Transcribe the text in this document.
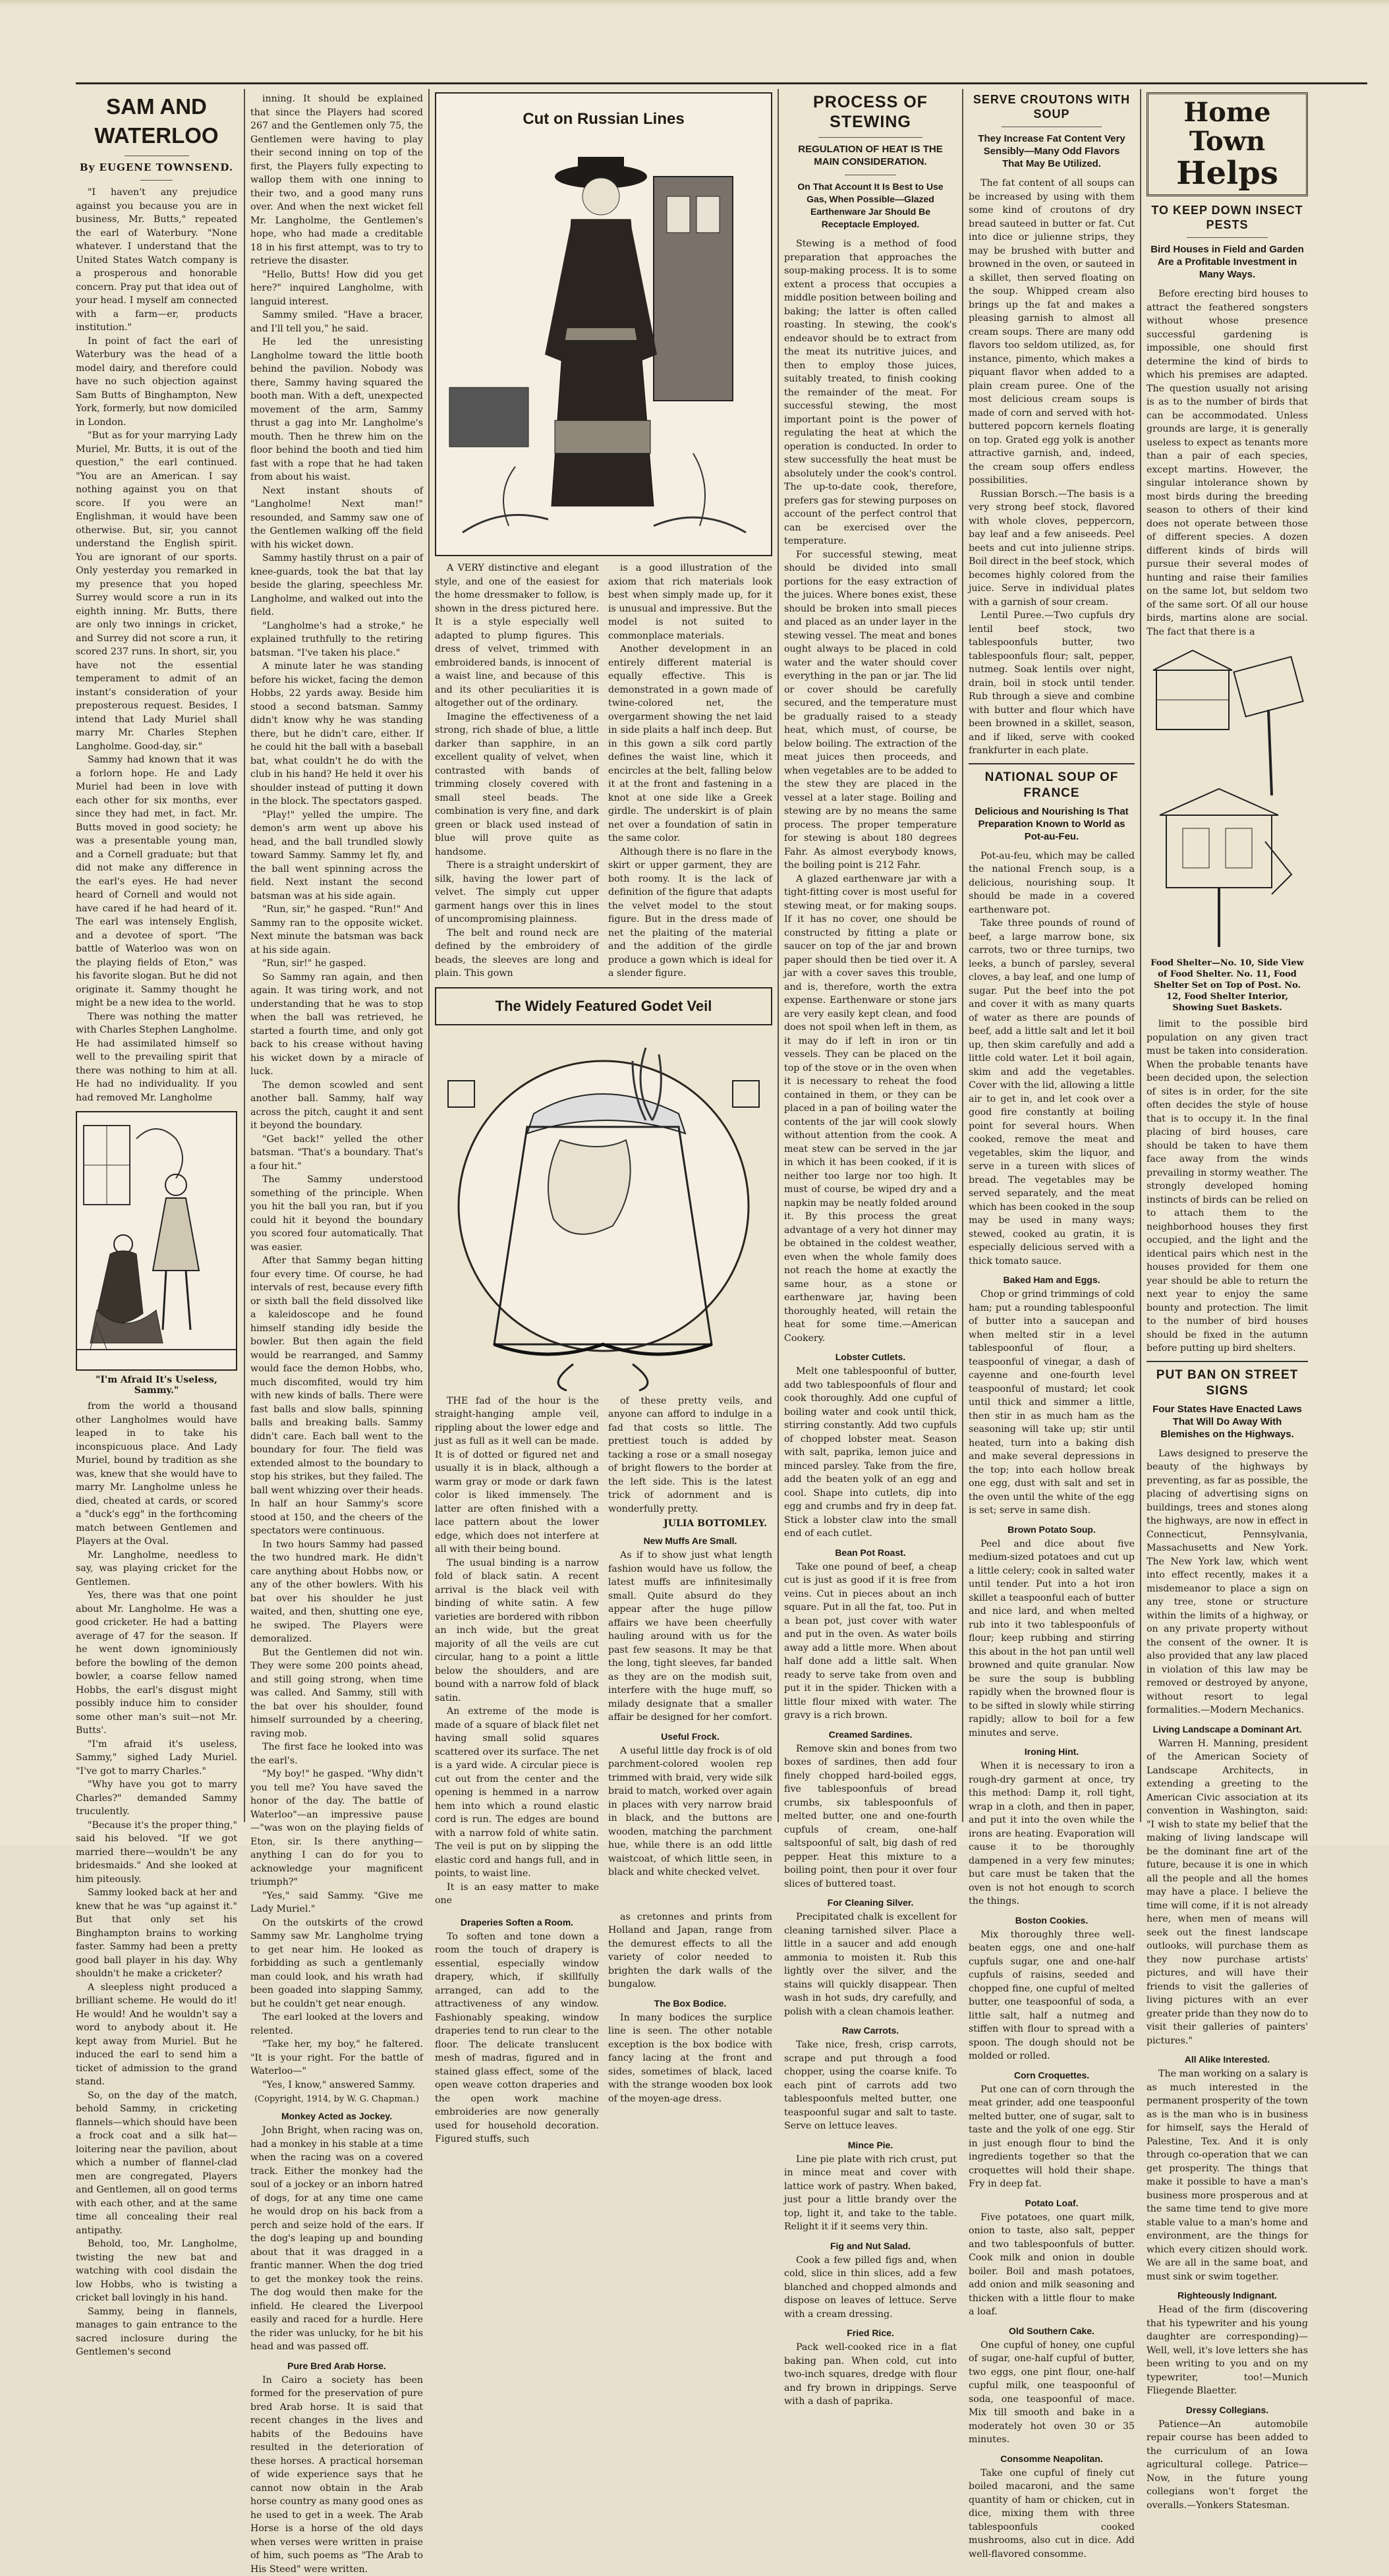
SAM AND WATERLOO
By EUGENE TOWNSEND.

"I haven't any prejudice against you because you are in business, Mr. Butts," repeated the earl of Waterbury. "None whatever. I understand that the United States Watch company is a prosperous and honorable concern. Pray put that idea out of your head. I myself am connected with a farm—er, products institution."

In point of fact the earl of Waterbury was the head of a model dairy, and therefore could have no such objection against Sam Butts of Binghampton, New York, formerly, but now domiciled in London.

"But as for your marrying Lady Muriel, Mr. Butts, it is out of the question," the earl continued. "You are an American. I say nothing against you on that score. If you were an Englishman, it would have been otherwise. But, sir, you cannot understand the English spirit. You are ignorant of our sports. Only yesterday you remarked in my presence that you hoped Surrey would score a run in its eighth inning. Mr. Butts, there are only two innings in cricket, and Surrey did not score a run, it scored 237 runs. In short, sir, you have not the essential temperament to admit of an instant's consideration of your preposterous request. Besides, I intend that Lady Muriel shall marry Mr. Charles Stephen Langholme. Good-day, sir."

Sammy had known that it was a forlorn hope. He and Lady Muriel had been in love with each other for six months, ever since they had met, in fact. Mr. Butts moved in good society; he was a presentable young man, and a Cornell graduate; but that did not make any difference in the earl's eyes. He had never heard of Cornell and would not have cared if he had heard of it. The earl was intensely English, and a devotee of sport. "The battle of Waterloo was won on the playing fields of Eton," was his favorite slogan. But he did not originate it. Sammy thought he might be a new idea to the world.

There was nothing the matter with Charles Stephen Langholme. He had assimilated himself so well to the prevailing spirit that there was nothing to him at all. He had no individuality. If you had removed Mr. Langholme

"I'm Afraid It's Useless, Sammy."

from the world a thousand other Langholmes would have leaped in to take his inconspicuous place. And Lady Muriel, bound by tradition as she was, knew that she would have to marry Mr. Langholme unless he died, cheated at cards, or scored a "duck's egg" in the forthcoming match between Gentlemen and Players at the Oval.

Mr. Langholme, needless to say, was playing cricket for the Gentlemen.

Yes, there was that one point about Mr. Langholme. He was a good cricketer. He had a batting average of 47 for the season. If he went down ignominiously before the bowling of the demon bowler, a coarse fellow named Hobbs, the earl's disgust might possibly induce him to consider some other man's suit—not Mr. Butts'.

"I'm afraid it's useless, Sammy," sighed Lady Muriel. "I've got to marry Charles."

"Why have you got to marry Charles?" demanded Sammy truculently.

"Because it's the proper thing," said his beloved. "If we got married there—wouldn't be any bridesmaids." And she looked at him piteously.

Sammy looked back at her and knew that he was "up against it." But that only set his Binghampton brains to working faster. Sammy had been a pretty good ball player in his day. Why shouldn't he make a cricketer?

A sleepless night produced a brilliant scheme. He would do it! He would! And he wouldn't say a word to anybody about it. He kept away from Muriel. But he induced the earl to send him a ticket of admission to the grand stand.

So, on the day of the match, behold Sammy, in cricketing flannels—which should have been a frock coat and a silk hat—loitering near the pavilion, about which a number of flannel-clad men are congregated, Players and Gentlemen, all on good terms with each other, and at the same time all concealing their real antipathy.

Behold, too, Mr. Langholme, twisting the new bat and watching with cool disdain the low Hobbs, who is twisting a cricket ball lovingly in his hand.

Sammy, being in flannels, manages to gain entrance to the sacred inclosure during the Gentlemen's second

inning. It should be explained that since the Players had scored 267 and the Gentlemen only 75, the Gentlemen were having to play their second inning on top of the first, the Players fully expecting to wallop them with one inning to their two, and a good many runs over. And when the next wicket fell Mr. Langholme, the Gentlemen's hope, who had made a creditable 18 in his first attempt, was to try to retrieve the disaster.

"Hello, Butts! How did you get here?" inquired Langholme, with languid interest.

Sammy smiled. "Have a bracer, and I'll tell you," he said.

He led the unresisting Langholme toward the little booth behind the pavilion. Nobody was there, Sammy having squared the booth man. With a deft, unexpected movement of the arm, Sammy thrust a gag into Mr. Langholme's mouth. Then he threw him on the floor behind the booth and tied him fast with a rope that he had taken from about his waist.

Next instant shouts of "Langholme! Next man!" resounded, and Sammy saw one of the Gentlemen walking off the field with his wicket down.

Sammy hastily thrust on a pair of knee-guards, took the bat that lay beside the glaring, speechless Mr. Langholme, and walked out into the field.

"Langholme's had a stroke," he explained truthfully to the retiring batsman. "I've taken his place."

A minute later he was standing before his wicket, facing the demon Hobbs, 22 yards away. Beside him stood a second batsman. Sammy didn't know why he was standing there, but he didn't care, either. If he could hit the ball with a baseball bat, what couldn't he do with the club in his hand? He held it over his shoulder instead of putting it down in the block. The spectators gasped.

"Play!" yelled the umpire. The demon's arm went up above his head, and the ball trundled slowly toward Sammy. Sammy let fly, and the ball went spinning across the field. Next instant the second batsman was at his side again.

"Run, sir," he gasped. "Run!" And Sammy ran to the opposite wicket. Next minute the batsman was back at his side again.

"Run, sir!" he gasped.

So Sammy ran again, and then again. It was tiring work, and not understanding that he was to stop when the ball was retrieved, he started a fourth time, and only got back to his crease without having his wicket down by a miracle of luck.

The demon scowled and sent another ball. Sammy, half way across the pitch, caught it and sent it beyond the boundary.

"Get back!" yelled the other batsman. "That's a boundary. That's a four hit."

The Sammy understood something of the principle. When you hit the ball you ran, but if you could hit it beyond the boundary you scored four automatically. That was easier.

After that Sammy began hitting four every time. Of course, he had intervals of rest, because every fifth or sixth ball the field dissolved like a kaleidoscope and he found himself standing idly beside the bowler. But then again the field would be rearranged, and Sammy would face the demon Hobbs, who, much discomfited, would try him with new kinds of balls. There were fast balls and slow balls, spinning balls and breaking balls. Sammy didn't care. Each ball went to the boundary for four. The field was extended almost to the boundary to stop his strikes, but they failed. The ball went whizzing over their heads. In half an hour Sammy's score stood at 150, and the cheers of the spectators were continuous.

In two hours Sammy had passed the two hundred mark. He didn't care anything about Hobbs now, or any of the other bowlers. With his bat over his shoulder he just waited, and then, shutting one eye, he swiped. The Players were demoralized.

But the Gentlemen did not win. They were some 200 points ahead, and still going strong, when time was called. And Sammy, still with the bat over his shoulder, found himself surrounded by a cheering, raving mob.

The first face he looked into was the earl's.

"My boy!" he gasped. "Why didn't you tell me? You have saved the honor of the day. The battle of Waterloo"—an impressive pause—"was won on the playing fields of Eton, sir. Is there anything—anything I can do for you to acknowledge your magnificent triumph?"

"Yes," said Sammy. "Give me Lady Muriel."

On the outskirts of the crowd Sammy saw Mr. Langholme trying to get near him. He looked as forbidding as such a gentlemanly man could look, and his wrath had been goaded into slapping Sammy, but he couldn't get near enough.

The earl looked at the lovers and relented.

"Take her, my boy," he faltered. "It is your right. For the battle of Waterloo—"

"Yes, I know," answered Sammy.

(Copyright, 1914, by W. G. Chapman.)
Monkey Acted as Jockey.

John Bright, when racing was on, had a monkey in his stable at a time when the racing was on a covered track. Either the monkey had the soul of a jockey or an inborn hatred of dogs, for at any time one came he would drop on his back from a perch and seize hold of the ears. If the dog's leaping up and bounding about that it was dragged in a frantic manner. When the dog tried to get the monkey took the reins. The dog would then make for the infield. He cleared the Liverpool easily and raced for a hurdle. Here the rider was unlucky, for he bit his head and was passed off.

Pure Bred Arab Horse.

In Cairo a society has been formed for the preservation of pure bred Arab horse. It is said that recent changes in the lives and habits of the Bedouins have resulted in the deterioration of these horses. A practical horseman of wide experience says that he cannot now obtain in the Arab horse country as many good ones as he used to get in a week. The Arab Horse is a horse of the old days when verses were written in praise of him, such poems as "The Arab to His Steed" were written.

Cut on Russian Lines

A VERY distinctive and elegant style, and one of the easiest for the home dressmaker to follow, is shown in the dress pictured here. It is a style especially well adapted to plump figures. This dress of velvet, trimmed with embroidered bands, is innocent of a waist line, and because of this and its other peculiarities it is altogether out of the ordinary.

Imagine the effectiveness of a strong, rich shade of blue, a little darker than sapphire, in an excellent quality of velvet, when contrasted with bands of trimming closely covered with small steel beads. The combination is very fine, and dark green or black used instead of blue will prove quite as handsome.

There is a straight underskirt of silk, having the lower part of velvet. The simply cut upper garment hangs over this in lines of uncompromising plainness.

The belt and round neck are defined by the embroidery of beads, the sleeves are long and plain. This gown

is a good illustration of the axiom that rich materials look best when simply made up, for it is unusual and impressive. But the model is not suited to commonplace materials.

Another development in an entirely different material is equally effective. This is demonstrated in a gown made of twine-colored net, the overgarment showing the net laid in side plaits a half inch deep. But in this gown a silk cord partly defines the waist line, which it encircles at the belt, falling below it at the front and fastening in a knot at one side like a Greek girdle. The underskirt is of plain net over a foundation of satin in the same color.

Although there is no flare in the skirt or upper garment, they are both roomy. It is the lack of definition of the figure that adapts the velvet model to the stout figure. But in the dress made of net the plaiting of the material and the addition of the girdle produce a gown which is ideal for a slender figure.

The Widely Featured Godet Veil

THE fad of the hour is the straight-hanging ample veil, rippling about the lower edge and just as full as it well can be made. It is of dotted or figured net and usually it is in black, although a warm gray or mode or dark fawn color is liked immensely. The latter are often finished with a lace pattern about the lower edge, which does not interfere at all with their being bound.

The usual binding is a narrow fold of black satin. A recent arrival is the black veil with binding of white satin. A few varieties are bordered with ribbon an inch wide, but the great majority of all the veils are cut circular, hang to a point a little below the shoulders, and are bound with a narrow fold of black satin.

An extreme of the mode is made of a square of black filet net having small solid squares scattered over its surface. The net is a yard wide. A circular piece is cut out from the center and the opening is hemmed in a narrow hem into which a round elastic cord is run. The edges are bound with a narrow fold of white satin. The veil is put on by slipping the elastic cord and hangs full, and in points, to waist line.

It is an easy matter to make one

of these pretty veils, and anyone can afford to indulge in a fad that costs so little. The prettiest touch is added by tacking a rose or a small nosegay of bright flowers to the border at the left side. This is the latest trick of adornment and is wonderfully pretty.

JULIA BOTTOMLEY.
New Muffs Are Small.

As if to show just what length fashion would have us follow, the latest muffs are infinitesimally small. Quite absurd do they appear after the huge pillow affairs we have been cheerfully hauling around with us for the past few seasons. It may be that the long, tight sleeves, far banded as they are on the modish suit, interfere with the huge muff, so milady designate that a smaller affair be designed for her comfort.

Useful Frock.

A useful little day frock is of old parchment-colored woolen rep trimmed with braid, very wide silk braid to match, worked over again in places with very narrow braid in black, and the buttons are wooden, matching the parchment hue, while there is an odd little waistcoat, of which little seen, in black and white checked velvet.

Draperies Soften a Room.

To soften and tone down a room the touch of drapery is essential, especially window drapery, which, if skillfully arranged, can add to the attractiveness of any window. Fashionably speaking, window draperies tend to run clear to the floor. The delicate translucent mesh of madras, figured and in stained glass effect, some of the open weave cotton draperies and the open work machine embroideries are now generally used for household decoration. Figured stuffs, such

as cretonnes and prints from Holland and Japan, range from the demurest effects to all the variety of color needed to brighten the dark walls of the bungalow.

The Box Bodice.

In many bodices the surplice line is seen. The other notable exception is the box bodice with fancy lacing at the front and sides, sometimes of black, laced with the strange wooden box look of the moyen-age dress.

PROCESS OF STEWING
REGULATION OF HEAT IS THE MAIN CONSIDERATION.
On That Account It Is Best to Use Gas, When Possible—Glazed Earthenware Jar Should Be Receptacle Employed.

Stewing is a method of food preparation that approaches the soup-making process. It is to some extent a process that occupies a middle position between boiling and baking; the latter is often called roasting. In stewing, the cook's endeavor should be to extract from the meat its nutritive juices, and then to employ those juices, suitably treated, to finish cooking the remainder of the meat. For successful stewing, the most important point is the power of regulating the heat at which the operation is conducted. In order to stew successfully the heat must be absolutely under the cook's control. The up-to-date cook, therefore, prefers gas for stewing purposes on account of the perfect control that can be exercised over the temperature.

For successful stewing, meat should be divided into small portions for the easy extraction of the juices. Where bones exist, these should be broken into small pieces and placed as an under layer in the stewing vessel. The meat and bones ought always to be placed in cold water and the water should cover everything in the pan or jar. The lid or cover should be carefully secured, and the temperature must be gradually raised to a steady heat, which must, of course, be below boiling. The extraction of the meat juices then proceeds, and when vegetables are to be added to the stew they are placed in the vessel at a later stage. Boiling and stewing are by no means the same process. The proper temperature for stewing is about 180 degrees Fahr. As almost everybody knows, the boiling point is 212 Fahr.

A glazed earthenware jar with a tight-fitting cover is most useful for stewing meat, or for making soups. If it has no cover, one should be constructed by fitting a plate or saucer on top of the jar and brown paper should then be tied over it. A jar with a cover saves this trouble, and is, therefore, worth the extra expense. Earthenware or stone jars are very easily kept clean, and food does not spoil when left in them, as it may do if left in iron or tin vessels. They can be placed on the top of the stove or in the oven when it is necessary to reheat the food contained in them, or they can be placed in a pan of boiling water the contents of the jar will cook slowly without attention from the cook. A meat stew can be served in the jar in which it has been cooked, if it is neither too large nor too high. It must of course, be wiped dry and a napkin may be neatly folded around it. By this process the great advantage of a very hot dinner may be obtained in the coldest weather, even when the whole family does not reach the home at exactly the same hour, as a stone or earthenware jar, having been thoroughly heated, will retain the heat for some time.—American Cookery.

Lobster Cutlets.

Melt one tablespoonful of butter, add two tablespoonfuls of flour and cook thoroughly. Add one cupful of boiling water and cook until thick, stirring constantly. Add two cupfuls of chopped lobster meat. Season with salt, paprika, lemon juice and minced parsley. Take from the fire, add the beaten yolk of an egg and cool. Shape into cutlets, dip into egg and crumbs and fry in deep fat. Stick a lobster claw into the small end of each cutlet.

Bean Pot Roast.

Take one pound of beef, a cheap cut is just as good if it is free from veins. Cut in pieces about an inch square. Put in all the fat, too. Put in a bean pot, just cover with water and put in the oven. As water boils away add a little more. When about half done add a little salt. When ready to serve take from oven and put it in the spider. Thicken with a little flour mixed with water. The gravy is a rich brown.

Creamed Sardines.

Remove skin and bones from two boxes of sardines, then add four finely chopped hard-boiled eggs, five tablespoonfuls of bread crumbs, six tablespoonfuls of melted butter, one and one-fourth cupfuls of cream, one-half saltspoonful of salt, big dash of red pepper. Heat this mixture to a boiling point, then pour it over four slices of buttered toast.

For Cleaning Silver.

Precipitated chalk is excellent for cleaning tarnished silver. Place a little in a saucer and add enough ammonia to moisten it. Rub this lightly over the silver, and the stains will quickly disappear. Then wash in hot suds, dry carefully, and polish with a clean chamois leather.

Raw Carrots.

Take nice, fresh, crisp carrots, scrape and put through a food chopper, using the coarse knife. To each pint of carrots add two tablespoonfuls melted butter, one teaspoonful sugar and salt to taste. Serve on lettuce leaves.

Mince Pie.

Line pie plate with rich crust, put in mince meat and cover with lattice work of pastry. When baked, just pour a little brandy over the top, light it, and take to the table. Relight it if it seems very thin.

Fig and Nut Salad.

Cook a few pilled figs and, when cold, slice in thin slices, add a few blanched and chopped almonds and dispose on leaves of lettuce. Serve with a cream dressing.

Fried Rice.

Pack well-cooked rice in a flat baking pan. When cold, cut into two-inch squares, dredge with flour and fry brown in drippings. Serve with a dash of paprika.

SERVE CROUTONS WITH SOUP
They Increase Fat Content Very Sensibly—Many Odd Flavors That May Be Utilized.

The fat content of all soups can be increased by using with them some kind of croutons of dry bread sauteed in butter or fat. Cut into dice or julienne strips, they may be brushed with butter and browned in the oven, or sauteed in a skillet, then served floating on the soup. Whipped cream also brings up the fat and makes a pleasing garnish to almost all cream soups. There are many odd flavors too seldom utilized, as, for instance, pimento, which makes a piquant flavor when added to a plain cream puree. One of the most delicious cream soups is made of corn and served with hot-buttered popcorn kernels floating on top. Grated egg yolk is another attractive garnish, and, indeed, the cream soup offers endless possibilities.

Russian Borsch.—The basis is a very strong beef stock, flavored with whole cloves, peppercorn, bay leaf and a few aniseeds. Peel beets and cut into julienne strips. Boil direct in the beef stock, which becomes highly colored from the juice. Serve in individual plates with a garnish of sour cream.

Lentil Puree.—Two cupfuls dry lentil beef stock, two tablespoonfuls butter, two tablespoonfuls flour; salt, pepper, nutmeg. Soak lentils over night, drain, boil in stock until tender. Rub through a sieve and combine with butter and flour which have been browned in a skillet, season, and if liked, serve with cooked frankfurter in each plate.

NATIONAL SOUP OF FRANCE
Delicious and Nourishing Is That Preparation Known to World as Pot-au-Feu.

Pot-au-feu, which may be called the national French soup, is a delicious, nourishing soup. It should be made in a covered earthenware pot.

Take three pounds of round of beef, a large marrow bone, six carrots, two or three turnips, two leeks, a bunch of parsley, several cloves, a bay leaf, and one lump of sugar. Put the beef into the pot and cover it with as many quarts of water as there are pounds of beef, add a little salt and let it boil up, then skim carefully and add a little cold water. Let it boil again, skim and add the vegetables. Cover with the lid, allowing a little air to get in, and let cook over a good fire constantly at boiling point for several hours. When cooked, remove the meat and vegetables, skim the liquor, and serve in a tureen with slices of bread. The vegetables may be served separately, and the meat which has been cooked in the soup may be used in many ways; stewed, cooked au gratin, it is especially delicious served with a thick tomato sauce.

Baked Ham and Eggs.

Chop or grind trimmings of cold ham; put a rounding tablespoonful of butter into a saucepan and when melted stir in a level tablespoonful of flour, a teaspoonful of vinegar, a dash of cayenne and one-fourth level teaspoonful of mustard; let cook until thick and simmer a little, then stir in as much ham as the seasoning will take up; stir until heated, turn into a baking dish and make several depressions in the top; into each hollow break one egg, dust with salt and set in the oven until the white of the egg is set; serve in same dish.

Brown Potato Soup.

Peel and dice about five medium-sized potatoes and cut up a little celery; cook in salted water until tender. Put into a hot iron skillet a teaspoonful each of butter and nice lard, and when melted rub into it two tablespoonfuls of flour; keep rubbing and stirring this about in the hot pan until well browned and quite granular. Now be sure the soup is bubbling rapidly when the browned flour is to be sifted in slowly while stirring rapidly; allow to boil for a few minutes and serve.

Ironing Hint.

When it is necessary to iron a rough-dry garment at once, try this method: Damp it, roll tight, wrap in a cloth, and then in paper, and put it into the oven while the irons are heating. Evaporation will cause it to be thoroughly dampened in a very few minutes; but care must be taken that the oven is not hot enough to scorch the things.

Boston Cookies.

Mix thoroughly three well-beaten eggs, one and one-half cupfuls sugar, one and one-half cupfuls of raisins, seeded and chopped fine, one cupful of melted butter, one teaspoonful of soda, a little salt, half a nutmeg and stiffen with flour to spread with a spoon. The dough should not be molded or rolled.

Corn Croquettes.

Put one can of corn through the meat grinder, add one teaspoonful melted butter, one of sugar, salt to taste and the yolk of one egg. Stir in just enough flour to bind the ingredients together so that the croquettes will hold their shape. Fry in deep fat.

Potato Loaf.

Five potatoes, one quart milk, onion to taste, also salt, pepper and two tablespoonfuls of butter. Cook milk and onion in double boiler. Boil and mash potatoes, add onion and milk seasoning and thicken with a little flour to make a loaf.

Old Southern Cake.

One cupful of honey, one cupful of sugar, one-half cupful of butter, two eggs, one pint flour, one-half cupful milk, one teaspoonful of soda, one teaspoonful of mace. Mix till smooth and bake in a moderately hot oven 30 or 35 minutes.

Consomme Neapolitan.

Take one cupful of finely cut boiled macaroni, and the same quantity of ham or chicken, cut in dice, mixing them with three tablespoonfuls cooked mushrooms, also cut in dice. Add well-flavored consomme.

Home Town
Helps
TO KEEP DOWN INSECT PESTS
Bird Houses in Field and Garden Are a Profitable Investment in Many Ways.

Before erecting bird houses to attract the feathered songsters without whose presence successful gardening is impossible, one should first determine the kind of birds to which his premises are adapted. The question usually not arising is as to the number of birds that can be accommodated. Unless grounds are large, it is generally useless to expect as tenants more than a pair of each species, except martins. However, the singular intolerance shown by most birds during the breeding season to others of their kind does not operate between those of different species. A dozen different kinds of birds will pursue their several modes of hunting and raise their families on the same lot, but seldom two of the same sort. Of all our house birds, martins alone are social. The fact that there is a

Food Shelter—No. 10, Side View of Food Shelter. No. 11, Food Shelter Set on Top of Post. No. 12, Food Shelter Interior, Showing Suet Baskets.

limit to the possible bird population on any given tract must be taken into consideration. When the probable tenants have been decided upon, the selection of sites is in order, for the site often decides the style of house that is to occupy it. In the final placing of bird houses, care should be taken to have them face away from the winds prevailing in stormy weather. The strongly developed homing instincts of birds can be relied on to attach them to the neighborhood houses they first occupied, and the light and the identical pairs which nest in the houses provided for them one year should be able to return the next year to enjoy the same bounty and protection. The limit to the number of bird houses should be fixed in the autumn before putting up bird shelters.

PUT BAN ON STREET SIGNS
Four States Have Enacted Laws That Will Do Away With Blemishes on the Highways.

Laws designed to preserve the beauty of the highways by preventing, as far as possible, the placing of advertising signs on buildings, trees and stones along the highways, are now in effect in Connecticut, Pennsylvania, Massachusetts and New York. The New York law, which went into effect recently, makes it a misdemeanor to place a sign on any tree, stone or structure within the limits of a highway, or on any private property without the consent of the owner. It is also provided that any law placed in violation of this law may be removed or destroyed by anyone, without resort to legal formalities.—Modern Mechanics.

Living Landscape a Dominant Art.

Warren H. Manning, president of the American Society of Landscape Architects, in extending a greeting to the American Civic association at its convention in Washington, said: "I wish to state my belief that the making of living landscape will be the dominant fine art of the future, because it is one in which all the people and all the homes may have a place. I believe the time will come, if it is not already here, when men of means will seek out the finest landscape outlooks, will purchase them as they now purchase artists' pictures, and will have their friends to visit the galleries of living pictures with an ever greater pride than they now do to visit their galleries of painters' pictures."

All Alike Interested.

The man working on a salary is as much interested in the permanent prosperity of the town as is the man who is in business for himself, says the Herald of Palestine, Tex. And it is only through co-operation that we can get prosperity. The things that make it possible to have a man's business more prosperous and at the same time tend to give more stable value to a man's home and environment, are the things for which every citizen should work. We are all in the same boat, and must sink or swim together.

Righteously Indignant.

Head of the firm (discovering that his typewriter and his young daughter are corresponding)—Well, well, it's love letters she has been writing to you and on my typewriter, too!—Munich Fliegende Blaetter.

Dressy Collegians.

Patience—An automobile repair course has been added to the curriculum of an Iowa agricultural college. Patrice—Now, in the future young collegians won't forget the overalls.—Yonkers Statesman.
